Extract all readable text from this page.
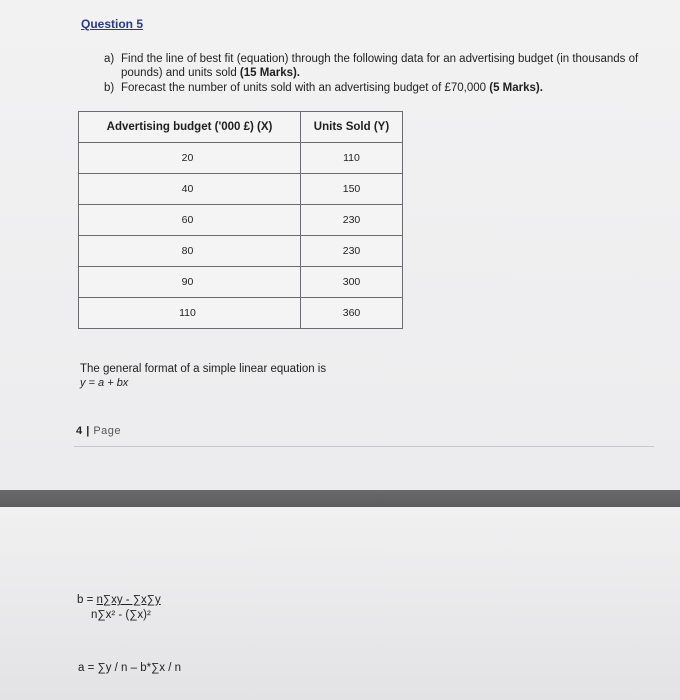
Question 5
a) Find the line of best fit (equation) through the following data for an advertising budget (in thousands of pounds) and units sold (15 Marks).
b) Forecast the number of units sold with an advertising budget of £70,000 (5 Marks).
Advertising budget ('000 £) (X)	Units Sold (Y)
20	110
40	150
60	230
80	230
90	300
110	360
The general format of a simple linear equation is
y = a + bx
4 | Page
b = n∑xy - ∑x∑y
n∑x² - (∑x)²
a = ∑y / n – b*∑x / n
